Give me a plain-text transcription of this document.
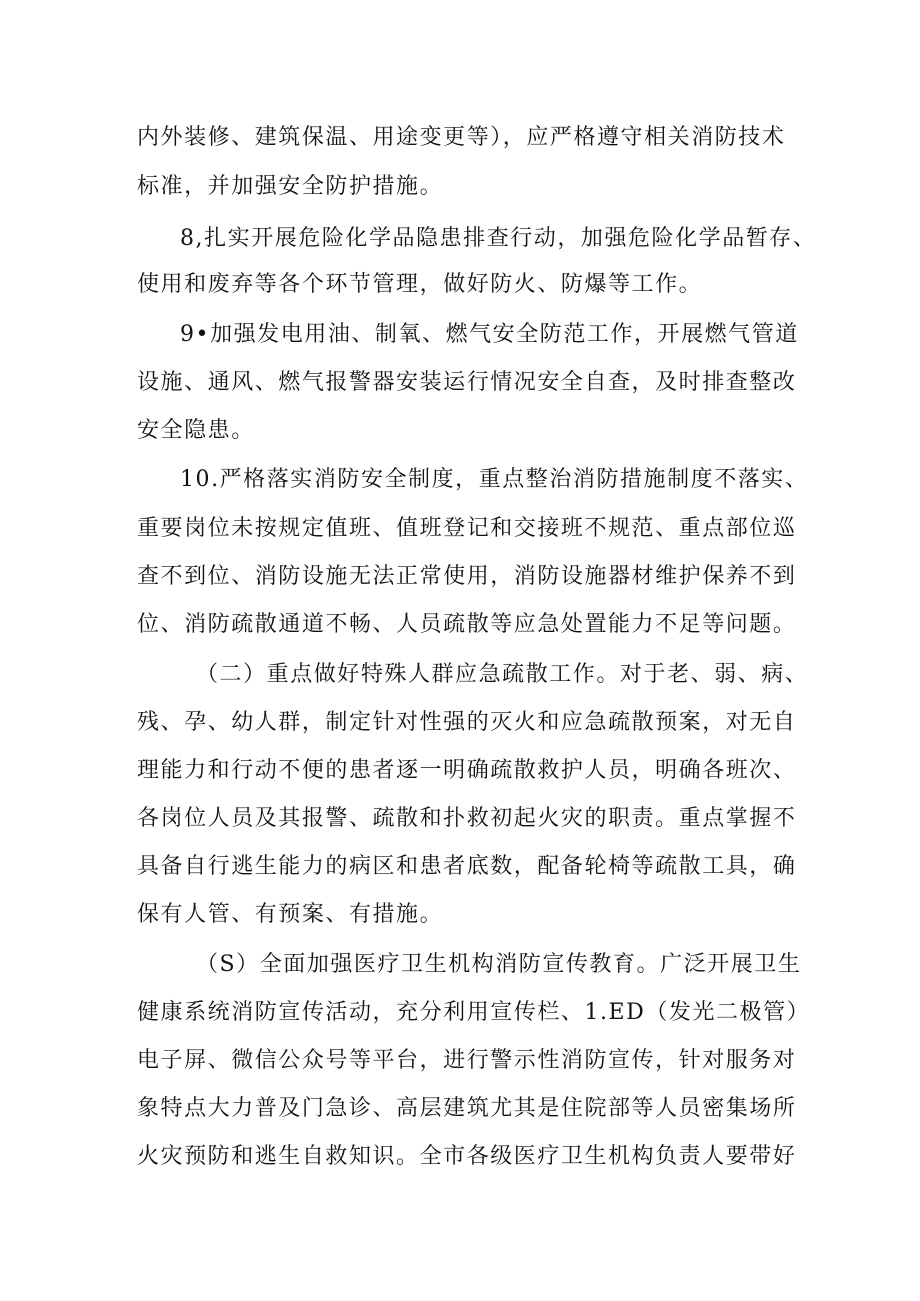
内外装修、建筑保温、用途变更等），应严格遵守相关消防技术
标准，并加强安全防护措施。
8,扎实开展危险化学品隐患排查行动，加强危险化学品暂存、
使用和废弃等各个环节管理，做好防火、防爆等工作。
9•加强发电用油、制氧、燃气安全防范工作，开展燃气管道
设施、通风、燃气报警器安装运行情况安全自查，及时排查整改
安全隐患。
10.严格落实消防安全制度，重点整治消防措施制度不落实、
重要岗位未按规定值班、值班登记和交接班不规范、重点部位巡
查不到位、消防设施无法正常使用，消防设施器材维护保养不到
位、消防疏散通道不畅、人员疏散等应急处置能力不足等问题。
（二）重点做好特殊人群应急疏散工作。对于老、弱、病、
残、孕、幼人群，制定针对性强的灭火和应急疏散预案，对无自
理能力和行动不便的患者逐一明确疏散救护人员，明确各班次、
各岗位人员及其报警、疏散和扑救初起火灾的职责。重点掌握不
具备自行逃生能力的病区和患者底数，配备轮椅等疏散工具，确
保有人管、有预案、有措施。
（S）全面加强医疗卫生机构消防宣传教育。广泛开展卫生
健康系统消防宣传活动，充分利用宣传栏、1.ED（发光二极管）
电子屏、微信公众号等平台，进行警示性消防宣传，针对服务对
象特点大力普及门急诊、高层建筑尤其是住院部等人员密集场所
火灾预防和逃生自救知识。全市各级医疗卫生机构负责人要带好
